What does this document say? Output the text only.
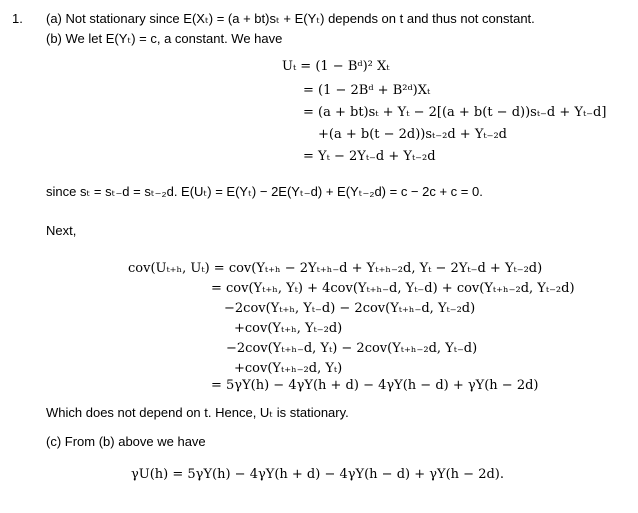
1. (a) Not stationary since E(Xₜ) = (a + bt)sₜ + E(Yₜ) depends on t and thus not constant.
(b) We let E(Yₜ) = c, a constant. We have
Uₜ = (1 − Bᵈ)² Xₜ
= (1 − 2Bᵈ + B²ᵈ)Xₜ
= (a + bt)sₜ + Yₜ − 2[(a + b(t − d))sₜ₋d + Yₜ₋d]
+(a + b(t − 2d))sₜ₋₂d + Yₜ₋₂d
= Yₜ − 2Yₜ₋d + Yₜ₋₂d
since sₜ = sₜ₋d = sₜ₋₂d. E(Uₜ) = E(Yₜ) − 2E(Yₜ₋d) + E(Yₜ₋₂d) = c − 2c + c = 0.
Next,
cov(Uₜ₊ₕ, Uₜ) = cov(Yₜ₊ₕ − 2Yₜ₊ₕ₋d + Yₜ₊ₕ₋₂d, Yₜ − 2Yₜ₋d + Yₜ₋₂d)
= cov(Yₜ₊ₕ, Yₜ) + 4cov(Yₜ₊ₕ₋d, Yₜ₋d) + cov(Yₜ₊ₕ₋₂d, Yₜ₋₂d)
−2cov(Yₜ₊ₕ, Yₜ₋d) − 2cov(Yₜ₊ₕ₋d, Yₜ₋₂d)
+cov(Yₜ₊ₕ, Yₜ₋₂d)
−2cov(Yₜ₊ₕ₋d, Yₜ) − 2cov(Yₜ₊ₕ₋₂d, Yₜ₋d)
+cov(Yₜ₊ₕ₋₂d, Yₜ)
= 5γY(h) − 4γY(h + d) − 4γY(h − d) + γY(h − 2d)
Which does not depend on t. Hence, Uₜ is stationary.
(c) From (b) above we have
γU(h) = 5γY(h) − 4γY(h + d) − 4γY(h − d) + γY(h − 2d).
